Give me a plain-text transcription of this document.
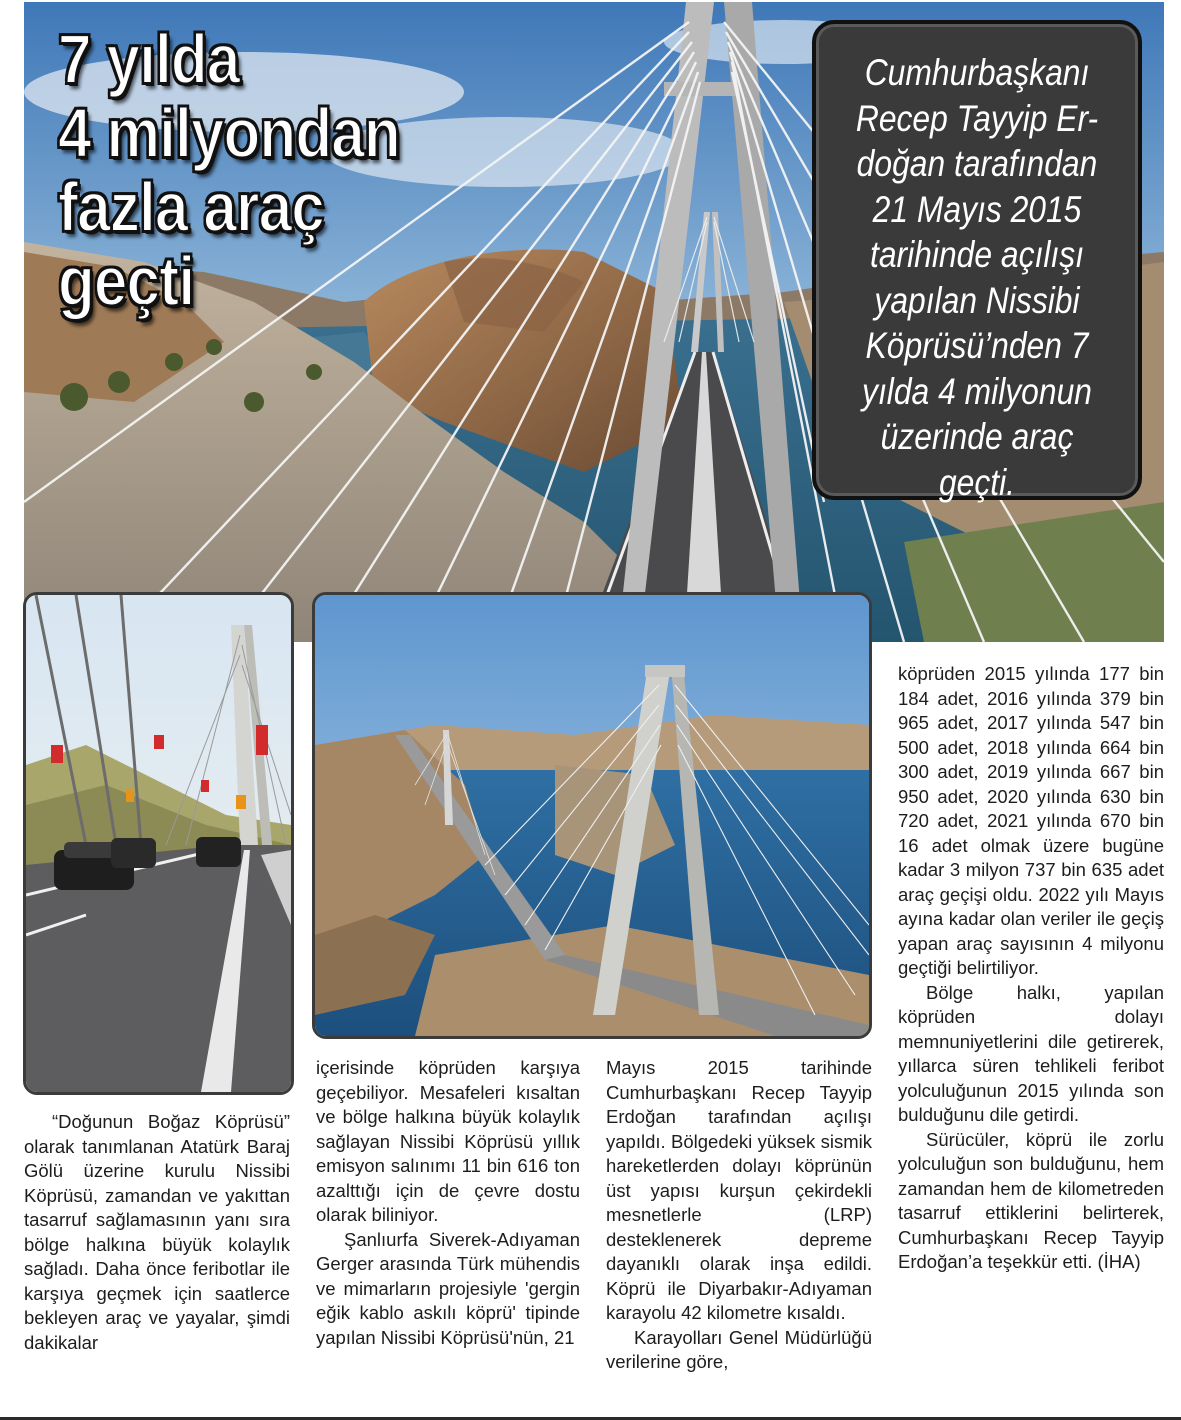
7 yılda
4 milyondan
fazla araç
geçti

Cumhurbaşkanı
Recep Tayyip Er-
doğan tarafından
21 Mayıs 2015
tarihinde açılışı
yapılan Nissibi
Köprüsü’nden 7
yılda 4 milyonun
üzerinde araç
geçti.

“Doğunun Boğaz Köprüsü” olarak tanımlanan Atatürk Baraj Gölü üzerine kurulu Nissibi Köprüsü, zamandan ve yakıttan tasarruf sağlamasının yanı sıra bölge halkına büyük kolaylık sağladı. Daha önce feribotlar ile karşıya geçmek için saatlerce bekleyen araç ve yayalar, şimdi dakikalar

içerisinde köprüden karşıya geçebiliyor. Mesafeleri kısaltan ve bölge halkına büyük kolaylık sağlayan Nissibi Köprüsü yıllık emisyon salınımı 11 bin 616 ton azalttığı için de çevre dostu olarak biliniyor.

Şanlıurfa Siverek-Adıyaman Gerger arasında Türk mühendis ve mimarların projesiyle 'gergin eğik kablo askılı köprü' tipinde yapılan Nissibi Köprüsü'nün, 21

Mayıs 2015 tarihinde Cumhurbaşkanı Recep Tayyip Erdoğan tarafından açılışı yapıldı. Bölgedeki yüksek sismik hareketlerden dolayı köprünün üst yapısı kurşun çekirdekli mesnetlerle (LRP) desteklenerek depreme dayanıklı olarak inşa edildi. Köprü ile Diyarbakır-Adıyaman karayolu 42 kilometre kısaldı.

Karayolları Genel Müdürlüğü verilerine göre,

köprüden 2015 yılında 177 bin 184 adet, 2016 yılında 379 bin 965 adet, 2017 yılında 547 bin 500 adet, 2018 yılında 664 bin 300 adet, 2019 yılında 667 bin 950 adet, 2020 yılında 630 bin 720 adet, 2021 yılında 670 bin 16 adet olmak üzere bugüne kadar 3 milyon 737 bin 635 adet araç geçişi oldu. 2022 yılı Mayıs ayına kadar olan veriler ile geçiş yapan araç sayısının 4 milyonu geçtiği belirtiliyor.

Bölge halkı, yapılan köprüden dolayı memnuniyetlerini dile getirerek, yıllarca süren tehlikeli feribot yolculuğunun 2015 yılında son bulduğunu dile getirdi.

Sürücüler, köprü ile zorlu yolculuğun son bulduğunu, hem zamandan hem de kilometreden tasarruf ettiklerini belirterek, Cumhurbaşkanı Recep Tayyip Erdoğan’a teşekkür etti. (İHA)
